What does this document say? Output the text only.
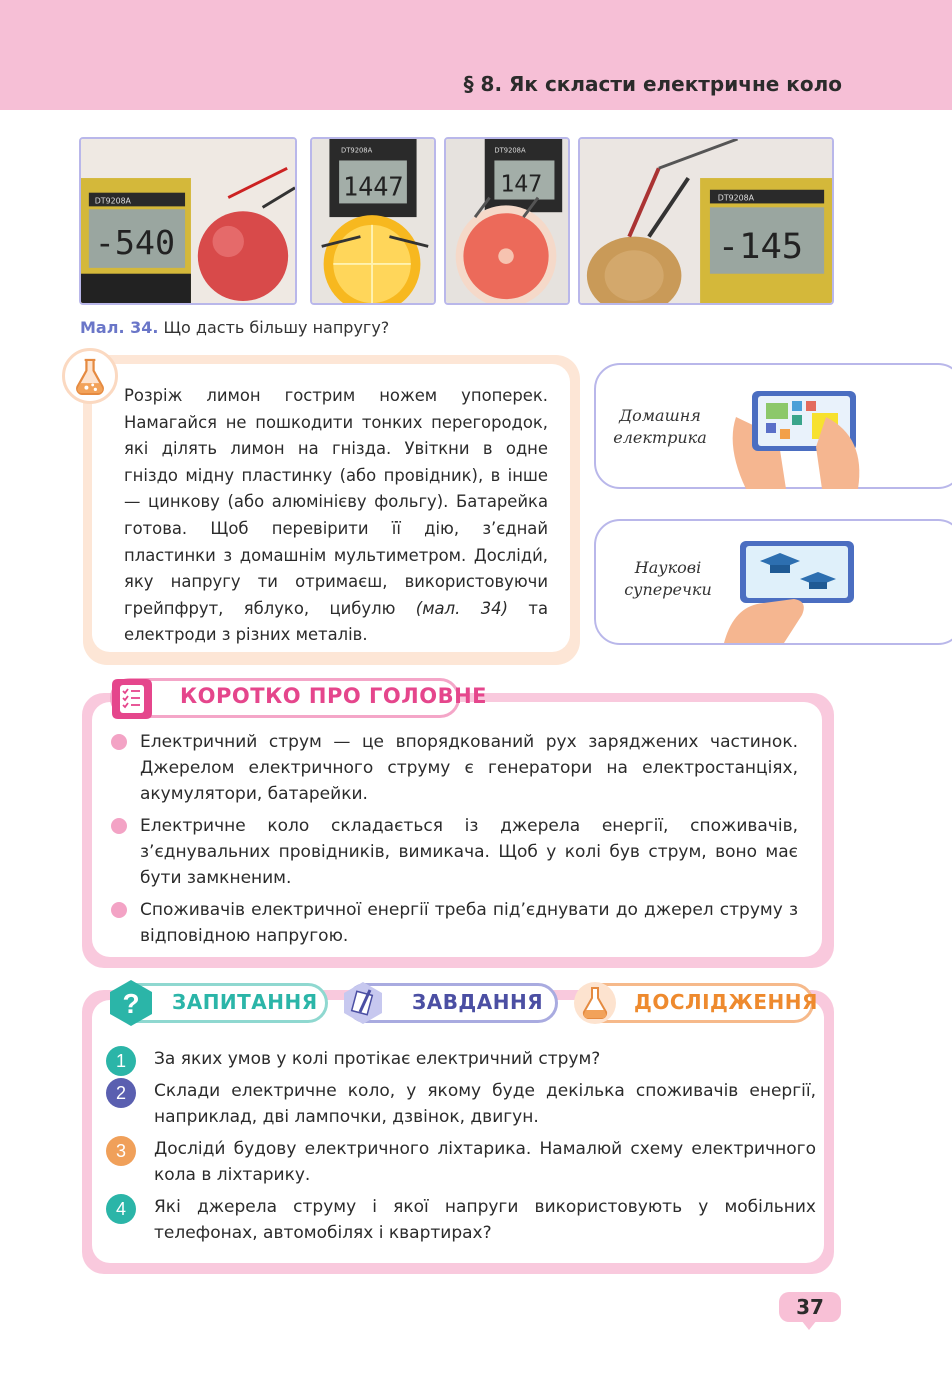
§ 8. Як скласти електричне коло
DT9208A
-540
DT9208A
1447
DT9208A
147
DT9208A
-145
Мал. 34. Що дасть більшу напругу?
Розріж лимон гострим ножем упоперек. Намагайся не пошкодити тонких перегородок, які ділять лимон на гнізда. Увіткни в одне гніздо мідну пластинку (або провідник), в інше — цинкову (або алюмінієву фольгу). Батарейка готова. Щоб перевірити її дію, з’єднай пластинки з домашнім мультиметром. Досліди́, яку напругу ти отримаєш, використовуючи грейпфрут, яблуко, цибулю (мал. 34) та електроди з різних металів.
Домашня
електрика
Наукові
суперечки
КОРОТКО ПРО ГОЛОВНЕ
Електричний струм — це впорядкований рух заряджених частинок. Джерелом електричного струму є генератори на електростанціях, акумулятори, батарейки.
Електричне коло складається із джерела енергії, споживачів, з’єднувальних провідників, вимикача. Щоб у колі був струм, воно має бути замкненим.
Споживачів електричної енергії треба під’єднувати до джерел струму з відповідною напругою.
? ЗАПИТАННЯ	ЗАВДАННЯ	ДОСЛІДЖЕННЯ
1	За яких умов у колі протікає електричний струм?
2	Склади електричне коло, у якому буде декілька споживачів енергії, наприклад, дві лампочки, дзвінок, двигун.
3	Досліди́ будову електричного ліхтарика. Намалюй схему електричного кола в ліхтарику.
4	Які джерела струму і якої напруги використовують у мобільних телефонах, автомобілях і квартирах?
37
